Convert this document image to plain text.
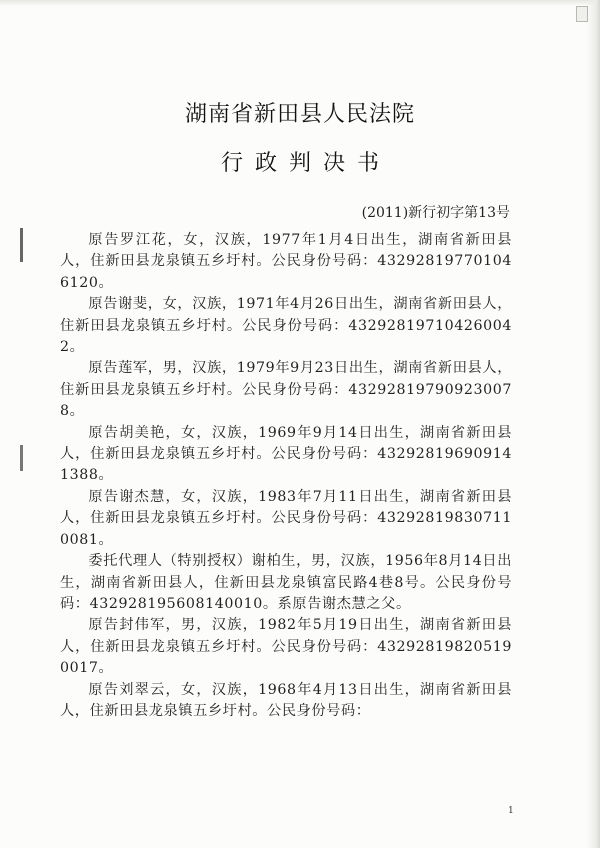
湖南省新田县人民法院
行政判决书
(2011)新行初字第13号

原告罗江花，女，汉族，1977年1月4日出生，湖南省新田县人，住新田县龙泉镇五乡圩村。公民身份号码：432928197701046120。

原告谢斐，女，汉族，1971年4月26日出生，湖南省新田县人，住新田县龙泉镇五乡圩村。公民身份号码：432928197104260042。

原告莲军，男，汉族，1979年9月23日出生，湖南省新田县人，住新田县龙泉镇五乡圩村。公民身份号码：432928197909230078。

原告胡美艳，女，汉族，1969年9月14日出生，湖南省新田县人，住新田县龙泉镇五乡圩村。公民身份号码：432928196909141388。

原告谢杰慧，女，汉族，1983年7月11日出生，湖南省新田县人，住新田县龙泉镇五乡圩村。公民身份号码：432928198307110081。

委托代理人（特别授权）谢柏生，男，汉族，1956年8月14日出生，湖南省新田县人，住新田县龙泉镇富民路4巷8号。公民身份号码：432928195608140010。系原告谢杰慧之父。

原告封伟军，男，汉族，1982年5月19日出生，湖南省新田县人，住新田县龙泉镇五乡圩村。公民身份号码：432928198205190017。

原告刘翠云，女，汉族，1968年4月13日出生，湖南省新田县人，住新田县龙泉镇五乡圩村。公民身份号码：

1
